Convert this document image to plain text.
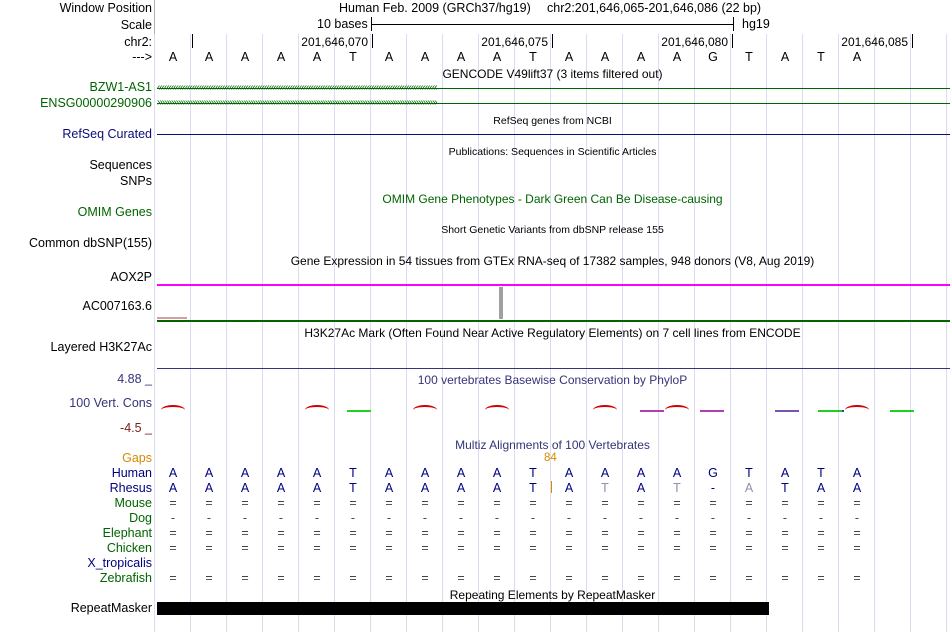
Window Position
Scale
chr2:
--->
Human Feb. 2009 (GRCh37/hg19) chr2:201,646,065-201,646,086 (22 bp)
10 bases	hg19
201,646,070	201,646,075	201,646,080	201,646,085
A	A	A	A	A	T	A	A	A	A	T	A	A	A	A	G	T	A	T	A
GENCODE V49lift37 (3 items filtered out)
BZW1-AS1
ENSG00000290906
‹‹‹‹‹‹‹‹‹‹‹‹‹‹‹‹‹‹‹‹‹‹‹‹‹‹‹‹‹‹‹‹‹‹‹‹‹‹‹‹‹‹‹‹‹‹‹‹‹‹‹‹‹‹‹‹‹‹‹‹‹‹‹‹‹‹‹‹‹‹‹‹‹‹‹‹‹‹‹‹‹‹‹‹‹‹‹‹‹‹‹‹‹‹‹‹‹‹‹‹‹‹‹‹‹‹‹‹‹‹‹‹‹‹‹‹‹‹‹‹
››››››››››››››››››››››››››››››››››››››››››››››››››››››››››››››››››››››››››››››››››››››››››››››››››››››››››››››››››››››››
RefSeq genes from NCBI
RefSeq Curated
Publications: Sequences in Scientific Articles
Sequences
SNPs
OMIM Gene Phenotypes - Dark Green Can Be Disease-causing
OMIM Genes
Short Genetic Variants from dbSNP release 155
Common dbSNP(155)
Gene Expression in 54 tissues from GTEx RNA-seq of 17382 samples, 948 donors (V8, Aug 2019)
AOX2P
AC007163.6
H3K27Ac Mark (Often Found Near Active Regulatory Elements) on 7 cell lines from ENCODE
Layered H3K27Ac
100 vertebrates Basewise Conservation by PhyloP
4.88 _
100 Vert. Cons
-4.5 _
Multiz Alignments of 100 Vertebrates
Gaps	84
Human	A	A	A	A	A	T	A	A	A	A	T	A	A	A	A	G	T	A	T	A
Rhesus	A	A	A	A	A	T	A	A	A	A	T	A	T	A	T	-	A	T	A	A
Mouse	=	=	=	=	=	=	=	=	=	=	=	=	=	=	=	=	=	=	=	=
Dog	-	-	-	-	-	-	-	-	-	-	-	-	-	-	-	-	-	-	-	-
Elephant	=	=	=	=	=	=	=	=	=	=	=	=	=	=	=	=	=	=	=	=
Chicken	=	=	=	=	=	=	=	=	=	=	=	=	=	=	=	=	=	=	=	=
X_tropicalis
Zebrafish	=	=	=	=	=	=	=	=	=	=	=	=	=	=	=	=	=	=	=	=
Repeating Elements by RepeatMasker
RepeatMasker
